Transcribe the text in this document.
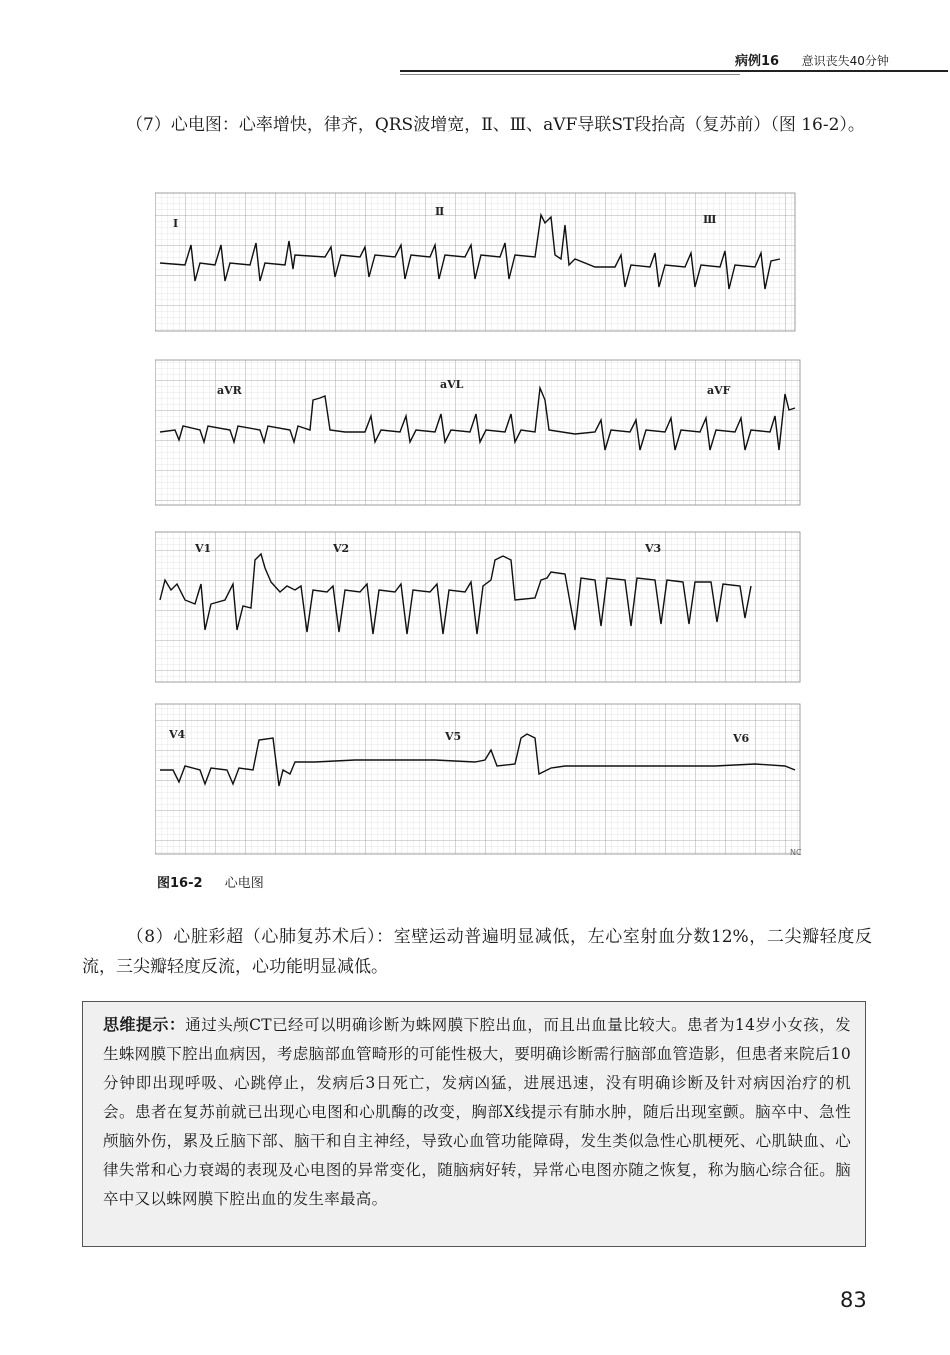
病例16 意识丧失40分钟
（7）心电图：心率增快，律齐，QRS波增宽，Ⅱ、Ⅲ、aVF导联ST段抬高（复苏前）（图 16-2）。
Ⅰ
Ⅱ
Ⅲ
aVR	aVL	aVF
V1	V2	V3
V4	V5	V6
NC
图16-2 心电图
（8）心脏彩超（心肺复苏术后）：室壁运动普遍明显减低，左心室射血分数12%，二尖瓣轻度反流，三尖瓣轻度反流，心功能明显减低。
思维提示：通过头颅CT已经可以明确诊断为蛛网膜下腔出血，而且出血量比较大。患者为14岁小女孩，发生蛛网膜下腔出血病因，考虑脑部血管畸形的可能性极大，要明确诊断需行脑部血管造影，但患者来院后10分钟即出现呼吸、心跳停止，发病后3日死亡，发病凶猛，进展迅速，没有明确诊断及针对病因治疗的机会。患者在复苏前就已出现心电图和心肌酶的改变，胸部X线提示有肺水肿，随后出现室颤。脑卒中、急性颅脑外伤，累及丘脑下部、脑干和自主神经，导致心血管功能障碍，发生类似急性心肌梗死、心肌缺血、心律失常和心力衰竭的表现及心电图的异常变化，随脑病好转，异常心电图亦随之恢复，称为脑心综合征。脑卒中又以蛛网膜下腔出血的发生率最高。
83
